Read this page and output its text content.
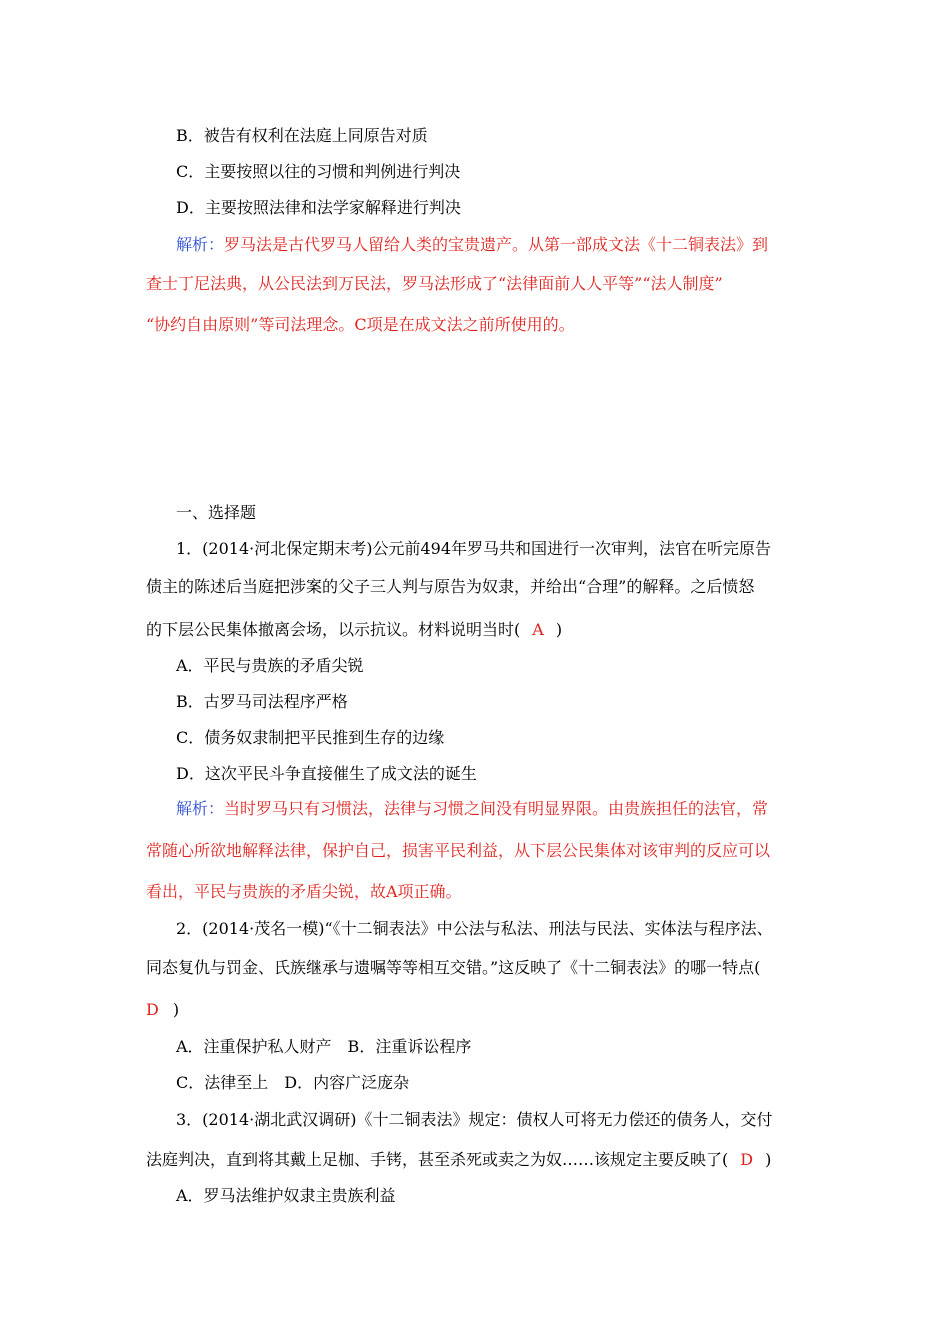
B．被告有权利在法庭上同原告对质
C．主要按照以往的习惯和判例进行判决
D．主要按照法律和法学家解释进行判决
解析：罗马法是古代罗马人留给人类的宝贵遗产。从第一部成文法《十二铜表法》到
查士丁尼法典，从公民法到万民法，罗马法形成了“法律面前人人平等”“法人制度”
“协约自由原则”等司法理念。C项是在成文法之前所使用的。
一、选择题
1．(2014·河北保定期末考)公元前494年罗马共和国进行一次审判，法官在听完原告
债主的陈述后当庭把涉案的父子三人判与原告为奴隶，并给出“合理”的解释。之后愤怒
的下层公民集体撤离会场，以示抗议。材料说明当时( A )
A．平民与贵族的矛盾尖锐
B．古罗马司法程序严格
C．债务奴隶制把平民推到生存的边缘
D．这次平民斗争直接催生了成文法的诞生
解析：当时罗马只有习惯法，法律与习惯之间没有明显界限。由贵族担任的法官，常
常随心所欲地解释法律，保护自己，损害平民利益，从下层公民集体对该审判的反应可以
看出，平民与贵族的矛盾尖锐，故A项正确。
2．(2014·茂名一模)“《十二铜表法》中公法与私法、刑法与民法、实体法与程序法、
同态复仇与罚金、氏族继承与遗嘱等等相互交错。”这反映了《十二铜表法》的哪一特点(
D )
A．注重保护私人财产　B．注重诉讼程序
C．法律至上　D．内容广泛庞杂
3．(2014·湖北武汉调研)《十二铜表法》规定：债权人可将无力偿还的债务人，交付
法庭判决，直到将其戴上足枷、手铐，甚至杀死或卖之为奴……该规定主要反映了( D )
A．罗马法维护奴隶主贵族利益
